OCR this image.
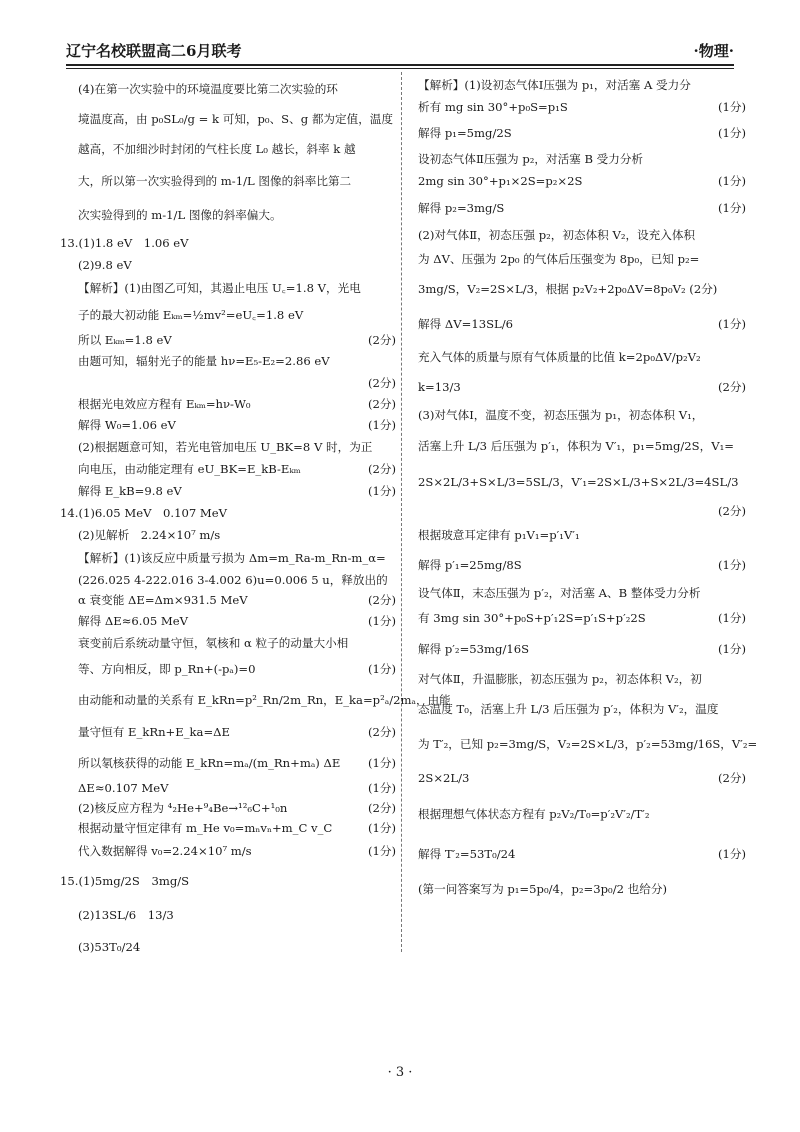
辽宁名校联盟高二6月联考	·物理·
(4)在第一次实验中的环境温度要比第二次实验的环
境温度高，由 p₀SL₀/g = k 可知，p₀、S、g 都为定值，温度
越高，不加细沙时封闭的气柱长度 L₀ 越长，斜率 k 越
大，所以第一次实验得到的 m-1/L 图像的斜率比第二
次实验得到的 m-1/L 图像的斜率偏大。
13.(1)1.8 eV　1.06 eV
(2)9.8 eV
【解析】(1)由图乙可知，其遏止电压 U꜀=1.8 V，光电
子的最大初动能 Eₖₘ=½mv²=eU꜀=1.8 eV
所以 Eₖₘ=1.8 eV	(2分)
由题可知，辐射光子的能量 hν=E₅-E₂=2.86 eV
(2分)
根据光电效应方程有 Eₖₘ=hν-W₀	(2分)
解得 W₀=1.06 eV	(1分)
(2)根据题意可知，若光电管加电压 U_BK=8 V 时，为正
向电压，由动能定理有 eU_BK=E_kB-Eₖₘ	(2分)
解得 E_kB=9.8 eV	(1分)
14.(1)6.05 MeV　0.107 MeV
(2)见解析　2.24×10⁷ m/s
【解析】(1)该反应中质量亏损为 Δm=m_Ra-m_Rn-m_α=
(226.025 4-222.016 3-4.002 6)u=0.006 5 u，释放出的
α 衰变能 ΔE=Δm×931.5 MeV	(2分)
解得 ΔE≈6.05 MeV	(1分)
衰变前后系统动量守恒，氡核和 α 粒子的动量大小相
等、方向相反，即 p_Rn+(-pₐ)=0	(1分)
由动能和动量的关系有 E_kRn=p²_Rn/2m_Rn，E_ka=p²ₐ/2mₐ，由能
量守恒有 E_kRn+E_ka=ΔE	(2分)
所以氡核获得的动能 E_kRn=mₐ/(m_Rn+mₐ) ΔE (1分)
ΔE≈0.107 MeV	(1分)
(2)核反应方程为 ⁴₂He+⁹₄Be→¹²₆C+¹₀n	(2分)
根据动量守恒定律有 m_He v₀=mₙvₙ+m_C v_C	(1分)
代入数据解得 v₀=2.24×10⁷ m/s	(1分)
15.(1)5mg/2S　3mg/S
(2)13SL/6　13/3
(3)53T₀/24
【解析】(1)设初态气体Ⅰ压强为 p₁，对活塞 A 受力分
析有 mg sin 30°+p₀S=p₁S	(1分)
解得 p₁=5mg/2S	(1分)
设初态气体Ⅱ压强为 p₂，对活塞 B 受力分析
2mg sin 30°+p₁×2S=p₂×2S	(1分)
解得 p₂=3mg/S	(1分)
(2)对气体Ⅱ，初态压强 p₂，初态体积 V₂，设充入体积
为 ΔV、压强为 2p₀ 的气体后压强变为 8p₀，已知 p₂=
3mg/S，V₂=2S×L/3，根据 p₂V₂+2p₀ΔV=8p₀V₂ (2分)
解得 ΔV=13SL/6	(1分)
充入气体的质量与原有气体质量的比值 k=2p₀ΔV/p₂V₂
k=13/3	(2分)
(3)对气体Ⅰ，温度不变，初态压强为 p₁，初态体积 V₁，
活塞上升 L/3 后压强为 p′₁，体积为 V′₁，p₁=5mg/2S，V₁=
2S×2L/3+S×L/3=5SL/3，V′₁=2S×L/3+S×2L/3=4SL/3
(2分)
根据玻意耳定律有 p₁V₁=p′₁V′₁
解得 p′₁=25mg/8S	(1分)
设气体Ⅱ，末态压强为 p′₂，对活塞 A、B 整体受力分析
有 3mg sin 30°+p₀S+p′₁2S=p′₁S+p′₂2S	(1分)
解得 p′₂=53mg/16S	(1分)
对气体Ⅱ，升温膨胀，初态压强为 p₂，初态体积 V₂，初
态温度 T₀，活塞上升 L/3 后压强为 p′₂，体积为 V′₂，温度
为 T′₂，已知 p₂=3mg/S，V₂=2S×L/3，p′₂=53mg/16S，V′₂=
2S×2L/3	(2分)
根据理想气体状态方程有 p₂V₂/T₀=p′₂V′₂/T′₂
解得 T′₂=53T₀/24	(1分)
(第一问答案写为 p₁=5p₀/4，p₂=3p₀/2 也给分)
· 3 ·
